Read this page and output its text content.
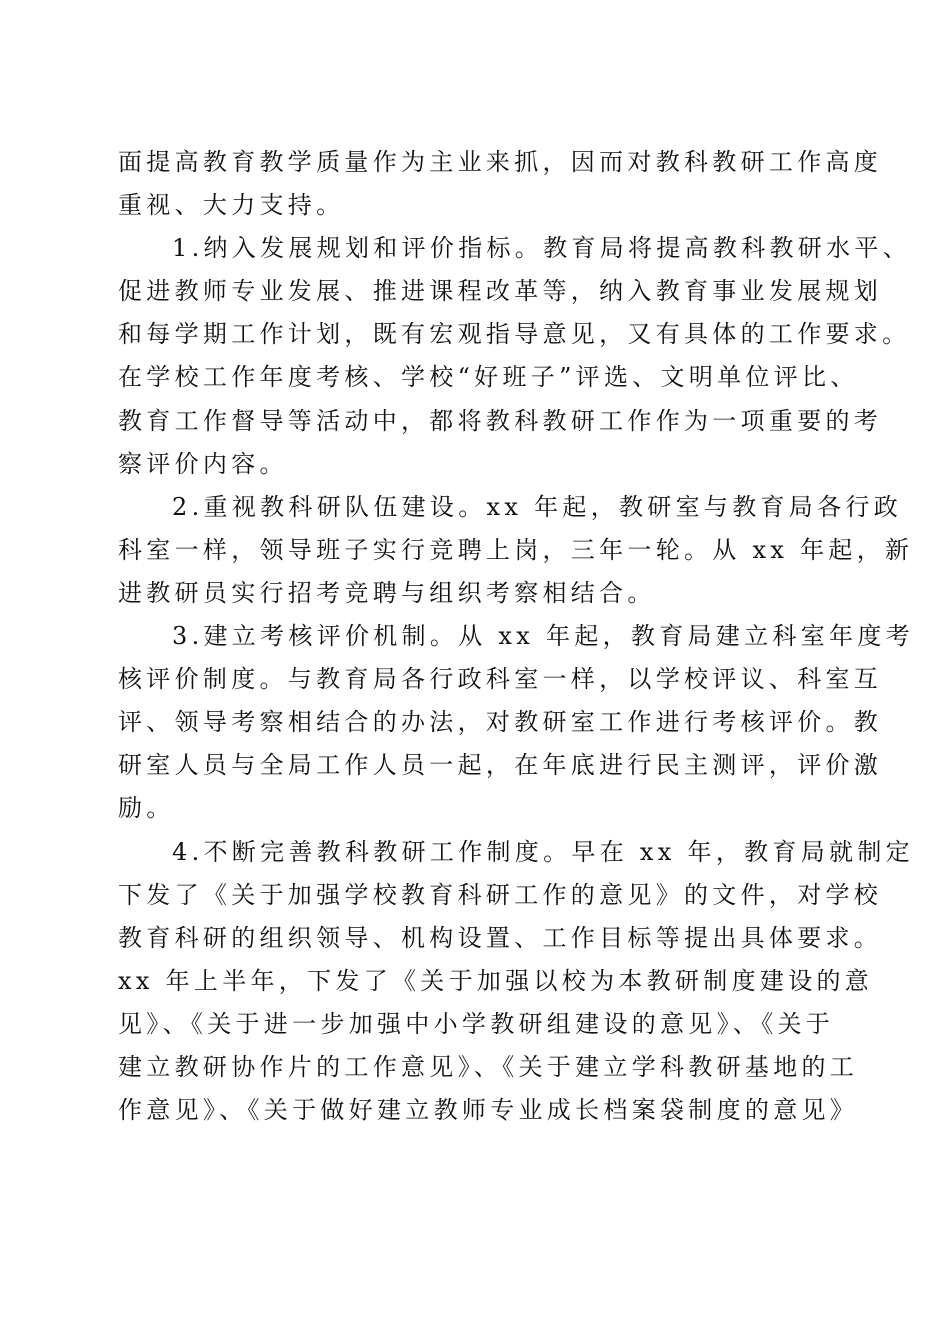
面提高教育教学质量作为主业来抓，因而对教科教研工作高度
重视、大力支持。
1.纳入发展规划和评价指标。教育局将提高教科教研水平、
促进教师专业发展、推进课程改革等，纳入教育事业发展规划
和每学期工作计划，既有宏观指导意见，又有具体的工作要求。
在学校工作年度考核、学校“好班子”评选、文明单位评比、
教育工作督导等活动中，都将教科教研工作作为一项重要的考
察评价内容。
2.重视教科研队伍建设。xx 年起，教研室与教育局各行政
科室一样，领导班子实行竞聘上岗，三年一轮。从 xx 年起，新
进教研员实行招考竞聘与组织考察相结合。
3.建立考核评价机制。从 xx 年起，教育局建立科室年度考
核评价制度。与教育局各行政科室一样，以学校评议、科室互
评、领导考察相结合的办法，对教研室工作进行考核评价。教
研室人员与全局工作人员一起，在年底进行民主测评，评价激
励。
4.不断完善教科教研工作制度。早在 xx 年，教育局就制定
下发了《关于加强学校教育科研工作的意见》的文件，对学校
教育科研的组织领导、机构设置、工作目标等提出具体要求。
xx 年上半年，下发了《关于加强以校为本教研制度建设的意
见》、《关于进一步加强中小学教研组建设的意见》、《关于
建立教研协作片的工作意见》、《关于建立学科教研基地的工
作意见》、《关于做好建立教师专业成长档案袋制度的意见》
